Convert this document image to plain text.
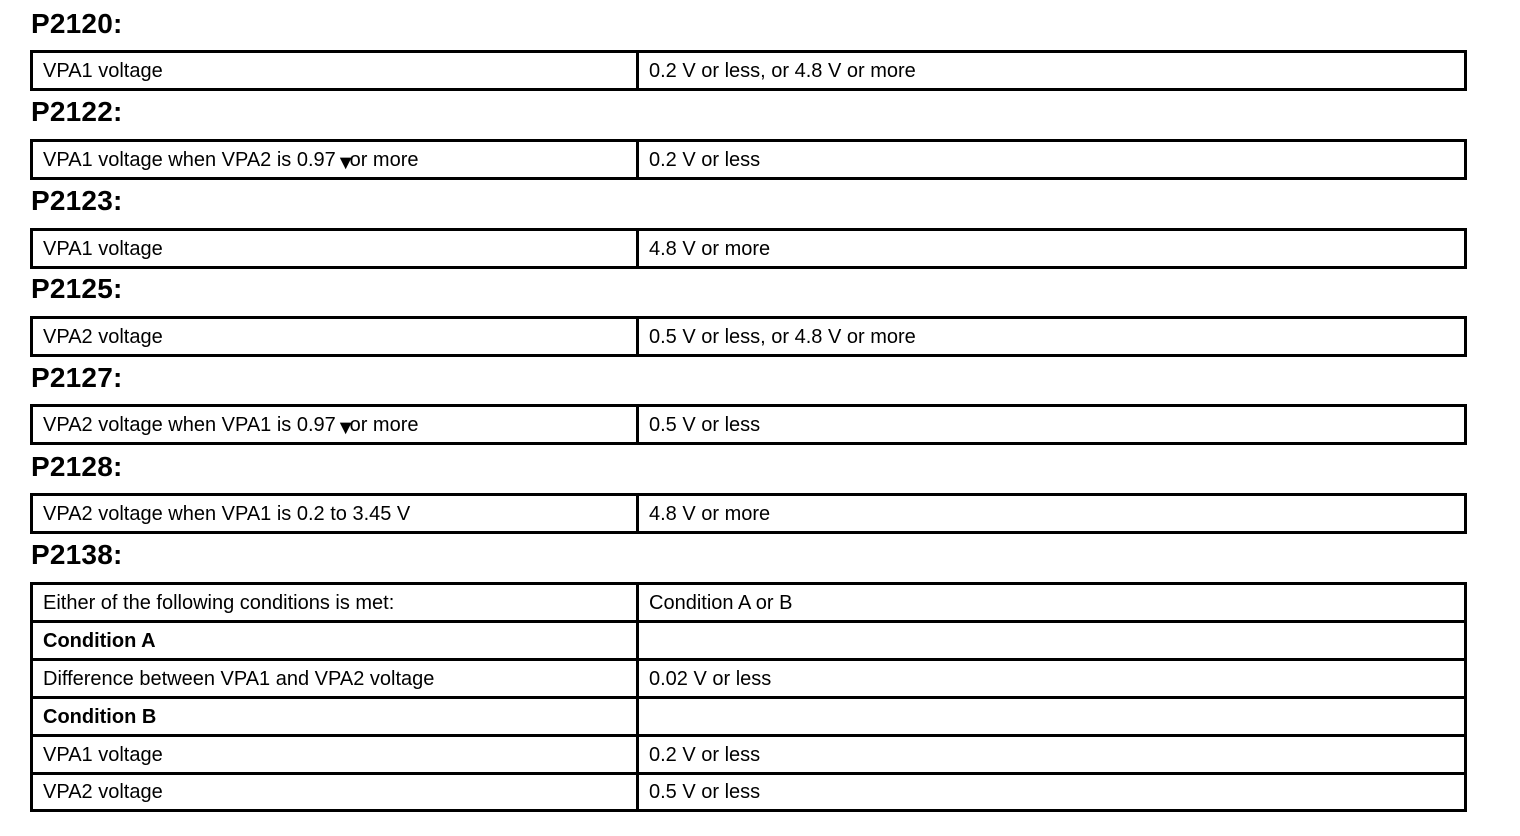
P2120:
VPA1 voltage	0.2 V or less, or 4.8 V or more
P2122:
VPA1 voltage when VPA2 is 0.97▼or more	0.2 V or less
P2123:
VPA1 voltage	4.8 V or more
P2125:
VPA2 voltage	0.5 V or less, or 4.8 V or more
P2127:
VPA2 voltage when VPA1 is 0.97▼or more	0.5 V or less
P2128:
VPA2 voltage when VPA1 is 0.2 to 3.45 V	4.8 V or more
P2138:
Either of the following conditions is met:	Condition A or B
Condition A	
Difference between VPA1 and VPA2 voltage	0.02 V or less
Condition B	
VPA1 voltage	0.2 V or less
VPA2 voltage	0.5 V or less
